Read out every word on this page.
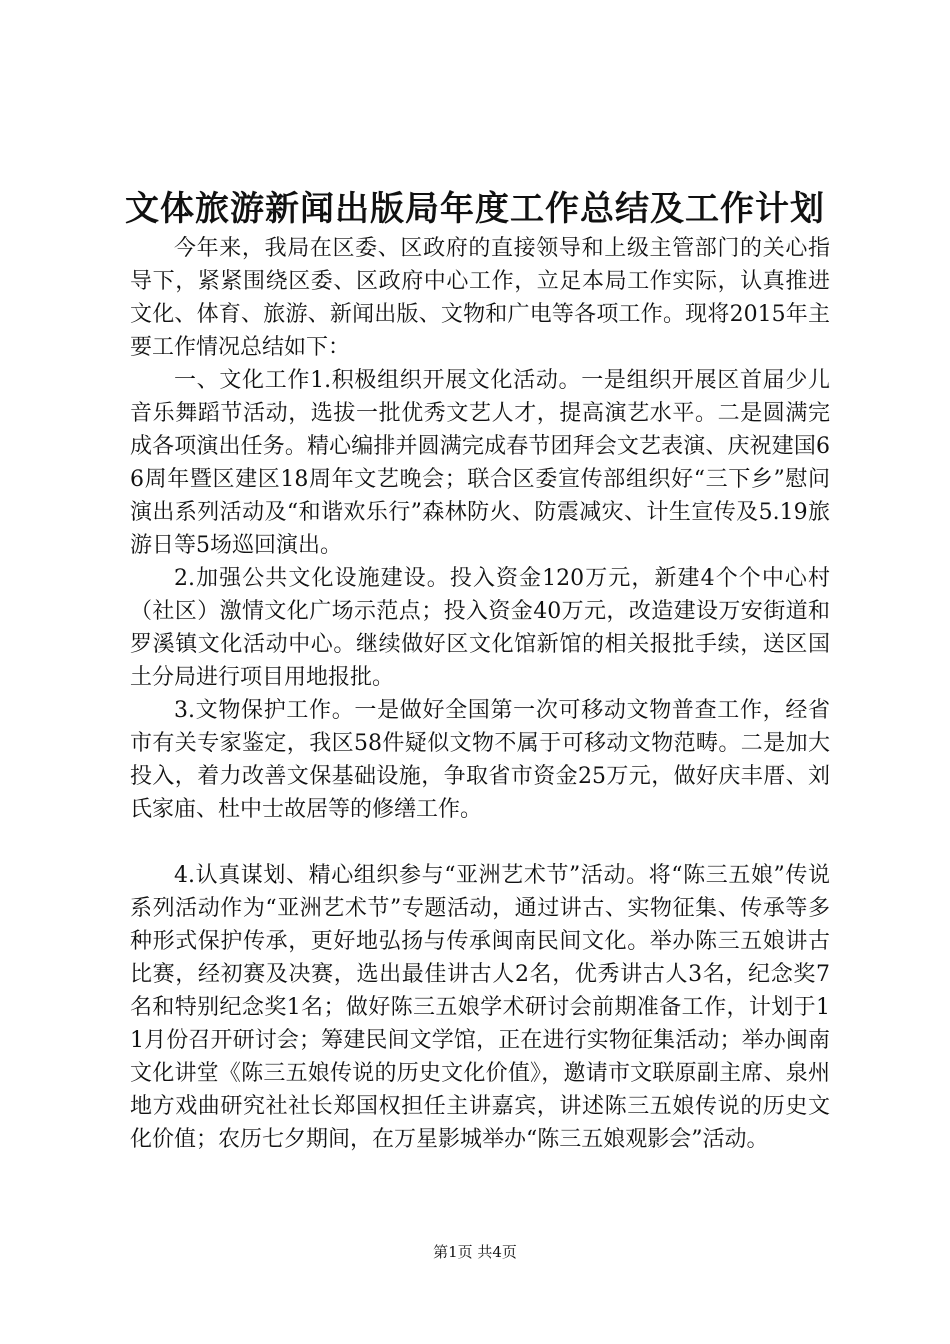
文体旅游新闻出版局年度工作总结及工作计划

今年来，我局在区委、区政府的直接领导和上级主管部门的关心指导下，紧紧围绕区委、区政府中心工作，立足本局工作实际，认真推进文化、体育、旅游、新闻出版、文物和广电等各项工作。现将2015年主要工作情况总结如下：

一、文化工作1.积极组织开展文化活动。一是组织开展区首届少儿音乐舞蹈节活动，选拔一批优秀文艺人才，提高演艺水平。二是圆满完成各项演出任务。精心编排并圆满完成春节团拜会文艺表演、庆祝建国66周年暨区建区18周年文艺晚会；联合区委宣传部组织好“三下乡”慰问演出系列活动及“和谐欢乐行”森林防火、防震减灾、计生宣传及5.19旅游日等5场巡回演出。

2.加强公共文化设施建设。投入资金120万元，新建4个个中心村（社区）激情文化广场示范点；投入资金40万元，改造建设万安街道和罗溪镇文化活动中心。继续做好区文化馆新馆的相关报批手续，送区国土分局进行项目用地报批。

3.文物保护工作。一是做好全国第一次可移动文物普查工作，经省市有关专家鉴定，我区58件疑似文物不属于可移动文物范畴。二是加大投入，着力改善文保基础设施，争取省市资金25万元，做好庆丰厝、刘氏家庙、杜中士故居等的修缮工作。

4.认真谋划、精心组织参与“亚洲艺术节”活动。将“陈三五娘”传说系列活动作为“亚洲艺术节”专题活动，通过讲古、实物征集、传承等多种形式保护传承，更好地弘扬与传承闽南民间文化。举办陈三五娘讲古比赛，经初赛及决赛，选出最佳讲古人2名，优秀讲古人3名，纪念奖7名和特别纪念奖1名；做好陈三五娘学术研讨会前期准备工作，计划于11月份召开研讨会；筹建民间文学馆，正在进行实物征集活动；举办闽南文化讲堂《陈三五娘传说的历史文化价值》，邀请市文联原副主席、泉州地方戏曲研究社社长郑国权担任主讲嘉宾，讲述陈三五娘传说的历史文化价值；农历七夕期间，在万星影城举办“陈三五娘观影会”活动。

第1页 共4页
